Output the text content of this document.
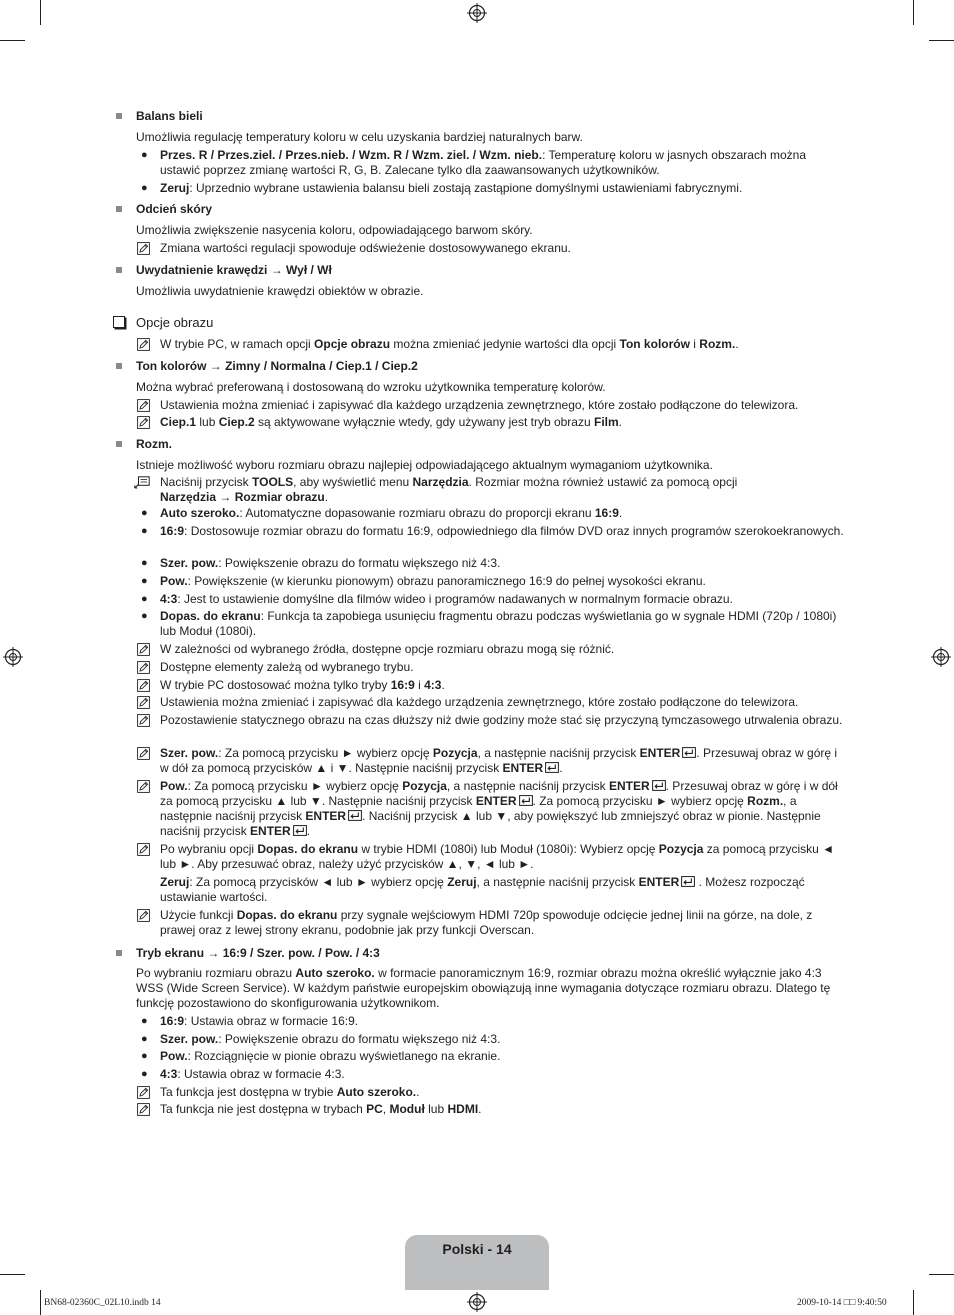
Balans bieli
Umożliwia regulację temperatury koloru w celu uzyskania bardziej naturalnych barw.
● Przes. R / Przes.ziel. / Przes.nieb. / Wzm. R / Wzm. ziel. / Wzm. nieb.: Temperaturę koloru w jasnych obszarach można ustawić poprzez zmianę wartości R, G, B. Zalecane tylko dla zaawansowanych użytkowników.
● Zeruj: Uprzednio wybrane ustawienia balansu bieli zostają zastąpione domyślnymi ustawieniami fabrycznymi.
Odcień skóry
Umożliwia zwiększenie nasycenia koloru, odpowiadającego barwom skóry.
Zmiana wartości regulacji spowoduje odświeżenie dostosowywanego ekranu.
Uwydatnienie krawędzi → Wył / Wł
Umożliwia uwydatnienie krawędzi obiektów w obrazie.
Opcje obrazu
W trybie PC, w ramach opcji Opcje obrazu można zmieniać jedynie wartości dla opcji Ton kolorów i Rozm..
Ton kolorów → Zimny / Normalna / Ciep.1 / Ciep.2
Można wybrać preferowaną i dostosowaną do wzroku użytkownika temperaturę kolorów.
Ustawienia można zmieniać i zapisywać dla każdego urządzenia zewnętrznego, które zostało podłączone do telewizora.
Ciep.1 lub Ciep.2 są aktywowane wyłącznie wtedy, gdy używany jest tryb obrazu Film.
Rozm.
Istnieje możliwość wyboru rozmiaru obrazu najlepiej odpowiadającego aktualnym wymaganiom użytkownika.
Naciśnij przycisk TOOLS, aby wyświetlić menu Narzędzia. Rozmiar można również ustawić za pomocą opcji
Narzędzia → Rozmiar obrazu.
● Auto szeroko.: Automatyczne dopasowanie rozmiaru obrazu do proporcji ekranu 16:9.
● 16:9: Dostosowuje rozmiar obrazu do formatu 16:9, odpowiedniego dla filmów DVD oraz innych programów szerokoekranowych.
● Szer. pow.: Powiększenie obrazu do formatu większego niż 4:3.
● Pow.: Powiększenie (w kierunku pionowym) obrazu panoramicznego 16:9 do pełnej wysokości ekranu.
● 4:3: Jest to ustawienie domyślne dla filmów wideo i programów nadawanych w normalnym formacie obrazu.
● Dopas. do ekranu: Funkcja ta zapobiega usunięciu fragmentu obrazu podczas wyświetlania go w sygnale HDMI (720p / 1080i) lub Moduł (1080i).
W zależności od wybranego źródła, dostępne opcje rozmiaru obrazu mogą się różnić.
Dostępne elementy zależą od wybranego trybu.
W trybie PC dostosować można tylko tryby 16:9 i 4:3.
Ustawienia można zmieniać i zapisywać dla każdego urządzenia zewnętrznego, które zostało podłączone do telewizora.
Pozostawienie statycznego obrazu na czas dłuższy niż dwie godziny może stać się przyczyną tymczasowego utrwalenia obrazu.
Szer. pow.: Za pomocą przycisku ► wybierz opcję Pozycja, a następnie naciśnij przycisk ENTER . Przesuwaj obraz w górę i w dół za pomocą przycisków ▲ i ▼. Następnie naciśnij przycisk ENTER .
Pow.: Za pomocą przycisku ► wybierz opcję Pozycja, a następnie naciśnij przycisk ENTER . Przesuwaj obraz w górę i w dół za pomocą przycisku ▲ lub ▼. Następnie naciśnij przycisk ENTER . Za pomocą przycisku ► wybierz opcję Rozm., a następnie naciśnij przycisk ENTER . Naciśnij przycisk ▲ lub ▼, aby powiększyć lub zmniejszyć obraz w pionie. Następnie naciśnij przycisk ENTER .
Po wybraniu opcji Dopas. do ekranu w trybie HDMI (1080i) lub Moduł (1080i): Wybierz opcję Pozycja za pomocą przycisku ◄ lub ►. Aby przesuwać obraz, należy użyć przycisków ▲, ▼, ◄ lub ►.
Zeruj: Za pomocą przycisków ◄ lub ► wybierz opcję Zeruj, a następnie naciśnij przycisk ENTER . Możesz rozpocząć ustawianie wartości.
Użycie funkcji Dopas. do ekranu przy sygnale wejściowym HDMI 720p spowoduje odcięcie jednej linii na górze, na dole, z prawej oraz z lewej strony ekranu, podobnie jak przy funkcji Overscan.
Tryb ekranu → 16:9 / Szer. pow. / Pow. / 4:3
Po wybraniu rozmiaru obrazu Auto szeroko. w formacie panoramicznym 16:9, rozmiar obrazu można określić wyłącznie jako 4:3 WSS (Wide Screen Service). W każdym państwie europejskim obowiązują inne wymagania dotyczące rozmiaru obrazu. Dlatego tę funkcję pozostawiono do skonfigurowania użytkownikom.
● 16:9: Ustawia obraz w formacie 16:9.
● Szer. pow.: Powiększenie obrazu do formatu większego niż 4:3.
● Pow.: Rozciągnięcie w pionie obrazu wyświetlanego na ekranie.
● 4:3: Ustawia obraz w formacie 4:3.
Ta funkcja jest dostępna w trybie Auto szeroko..
Ta funkcja nie jest dostępna w trybach PC, Moduł lub HDMI.
Polski - 14
BN68-02360C_02L10.indb 14	2009-10-14 □□ 9:40:50
